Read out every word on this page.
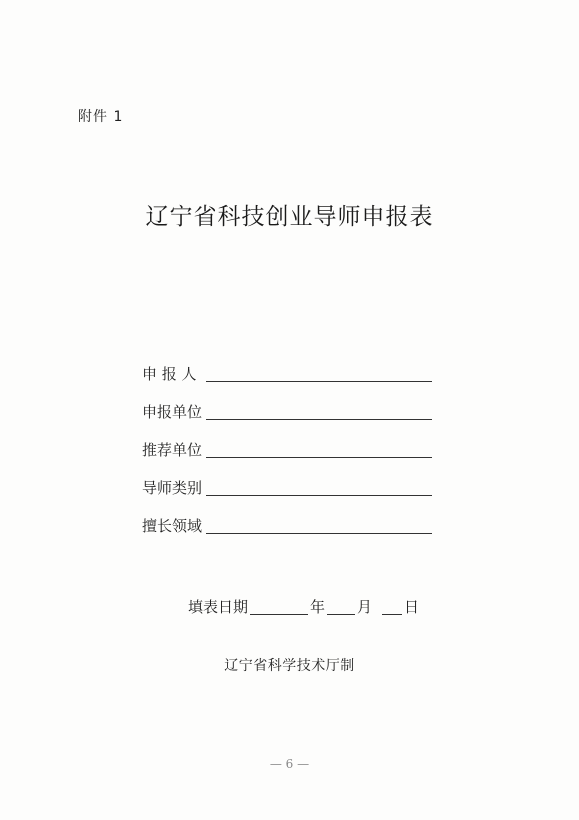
附件 1
辽宁省科技创业导师申报表
申 报 人
申报单位
推荐单位
导师类别
擅长领域
填表日期	年 月 日
辽宁省科学技术厅制
— 6 —
